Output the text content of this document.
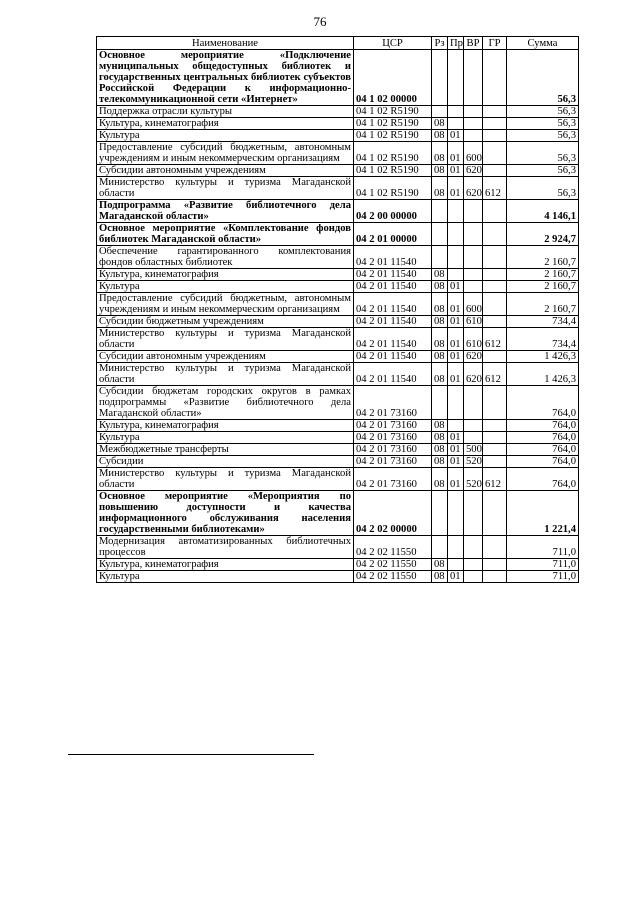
76
Наименование	ЦСР	Рз	Пр	ВР	ГР	Сумма
Основное мероприятие «Подключение муниципальных общедоступных библиотек и государственных центральных библиотек субъектов Российской Федерации к информационно-телекоммуникационной сети «Интернет»	04 1 02 00000					56,3
Поддержка отрасли культуры	04 1 02 R5190					56,3
Культура, кинематография	04 1 02 R5190	08				56,3
Культура	04 1 02 R5190	08	01			56,3
Предоставление субсидий бюджетным, автономным учреждениям и иным некоммерческим организациям	04 1 02 R5190	08	01	600		56,3
Субсидии автономным учреждениям	04 1 02 R5190	08	01	620		56,3
Министерство культуры и туризма Магаданской области	04 1 02 R5190	08	01	620	612	56,3
Подпрограмма «Развитие библиотечного дела Магаданской области»	04 2 00 00000					4 146,1
Основное мероприятие «Комплектование фондов библиотек Магаданской области»	04 2 01 00000					2 924,7
Обеспечение гарантированного комплектования фондов областных библиотек	04 2 01 11540					2 160,7
Культура, кинематография	04 2 01 11540	08				2 160,7
Культура	04 2 01 11540	08	01			2 160,7
Предоставление субсидий бюджетным, автономным учреждениям и иным некоммерческим организациям	04 2 01 11540	08	01	600		2 160,7
Субсидии бюджетным учреждениям	04 2 01 11540	08	01	610		734,4
Министерство культуры и туризма Магаданской области	04 2 01 11540	08	01	610	612	734,4
Субсидии автономным учреждениям	04 2 01 11540	08	01	620		1 426,3
Министерство культуры и туризма Магаданской области	04 2 01 11540	08	01	620	612	1 426,3
Субсидии бюджетам городских округов в рамках подпрограммы «Развитие библиотечного дела Магаданской области»	04 2 01 73160					764,0
Культура, кинематография	04 2 01 73160	08				764,0
Культура	04 2 01 73160	08	01			764,0
Межбюджетные трансферты	04 2 01 73160	08	01	500		764,0
Субсидии	04 2 01 73160	08	01	520		764,0
Министерство культуры и туризма Магаданской области	04 2 01 73160	08	01	520	612	764,0
Основное мероприятие «Мероприятия по повышению доступности и качества информационного обслуживания населения государственными библиотеками»	04 2 02 00000					1 221,4
Модернизация автоматизированных библиотечных процессов	04 2 02 11550					711,0
Культура, кинематография	04 2 02 11550	08				711,0
Культура	04 2 02 11550	08	01			711,0
